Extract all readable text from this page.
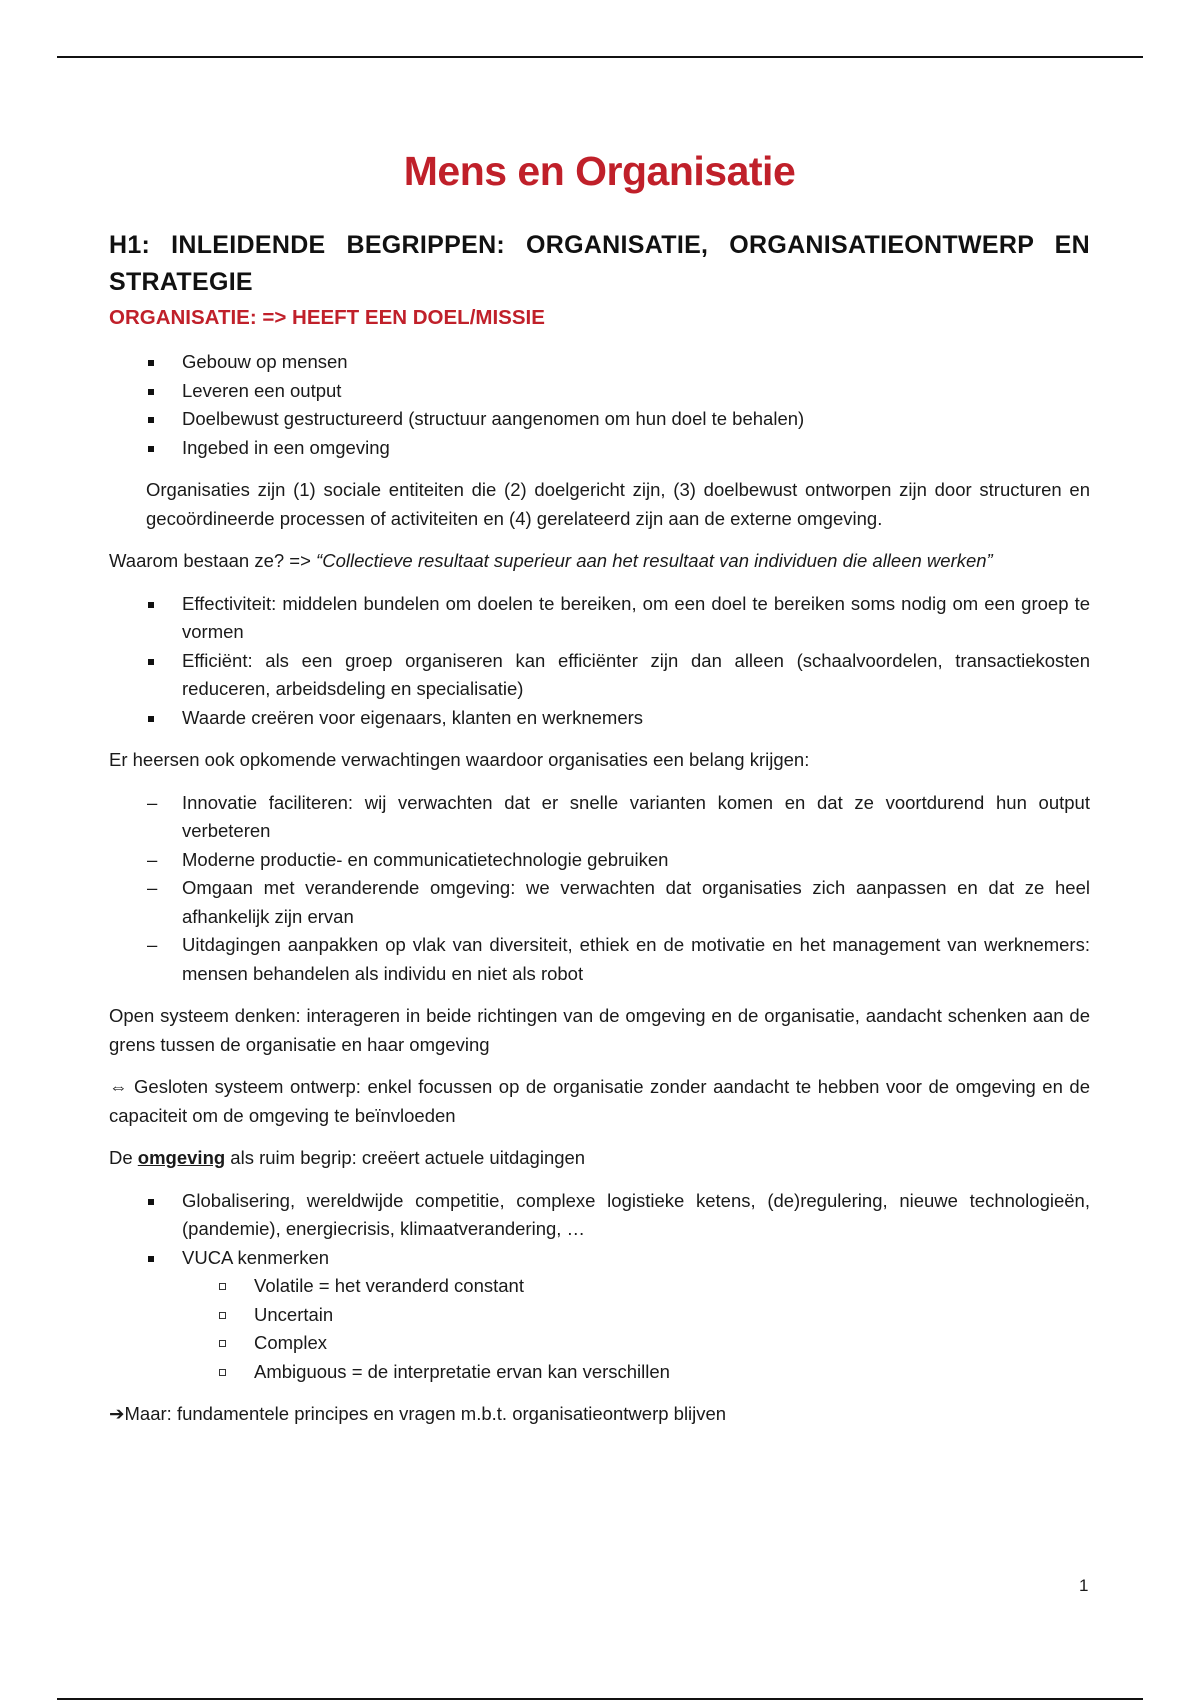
Mens en Organisatie
H1: INLEIDENDE BEGRIPPEN: ORGANISATIE, ORGANISATIEONTWERP EN STRATEGIE
ORGANISATIE: => HEEFT EEN DOEL/MISSIE
Gebouw op mensen
Leveren een output
Doelbewust gestructureerd (structuur aangenomen om hun doel te behalen)
Ingebed in een omgeving

Organisaties zijn (1) sociale entiteiten die (2) doelgericht zijn, (3) doelbewust ontworpen zijn door structuren en gecoördineerde processen of activiteiten en (4) gerelateerd zijn aan de externe omgeving.

Waarom bestaan ze? => “Collectieve resultaat superieur aan het resultaat van individuen die alleen werken”

Effectiviteit: middelen bundelen om doelen te bereiken, om een doel te bereiken soms nodig om een groep te vormen
Efficiënt: als een groep organiseren kan efficiënter zijn dan alleen (schaalvoordelen, transactiekosten reduceren, arbeidsdeling en specialisatie)
Waarde creëren voor eigenaars, klanten en werknemers

Er heersen ook opkomende verwachtingen waardoor organisaties een belang krijgen:

Innovatie faciliteren: wij verwachten dat er snelle varianten komen en dat ze voortdurend hun output verbeteren
Moderne productie- en communicatietechnologie gebruiken
Omgaan met veranderende omgeving: we verwachten dat organisaties zich aanpassen en dat ze heel afhankelijk zijn ervan
Uitdagingen aanpakken op vlak van diversiteit, ethiek en de motivatie en het management van werknemers: mensen behandelen als individu en niet als robot

Open systeem denken: interageren in beide richtingen van de omgeving en de organisatie, aandacht schenken aan de grens tussen de organisatie en haar omgeving

⇔ Gesloten systeem ontwerp: enkel focussen op de organisatie zonder aandacht te hebben voor de omgeving en de capaciteit om de omgeving te beïnvloeden

De omgeving als ruim begrip: creëert actuele uitdagingen

Globalisering, wereldwijde competitie, complexe logistieke ketens, (de)regulering, nieuwe technologieën, (pandemie), energiecrisis, klimaatverandering, …
VUCA kenmerken
Volatile = het veranderd constant
Uncertain
Complex
Ambiguous = de interpretatie ervan kan verschillen

➔Maar: fundamentele principes en vragen m.b.t. organisatieontwerp blijven

1
